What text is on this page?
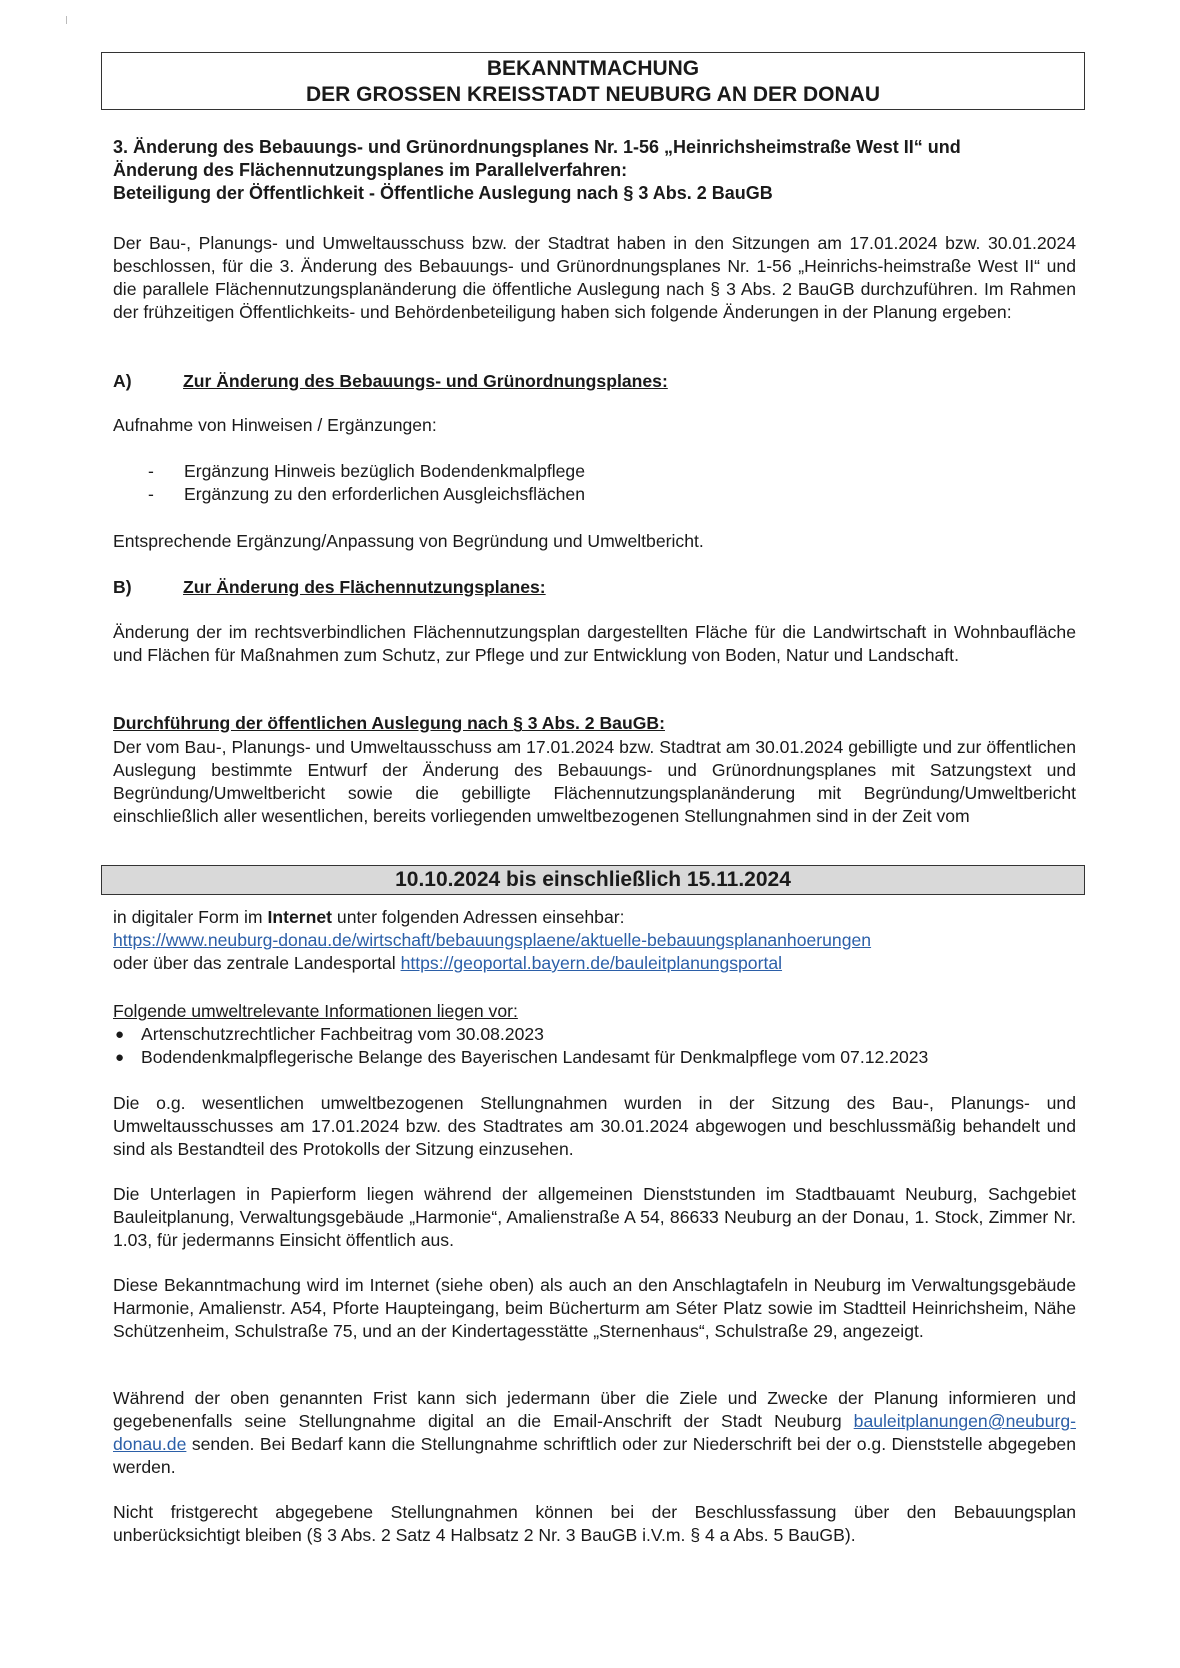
BEKANNTMACHUNG
DER GROSSEN KREISSTADT NEUBURG AN DER DONAU
3. Änderung des Bebauungs- und Grünordnungsplanes Nr. 1-56 „Heinrichsheimstraße West II“ und
Änderung des Flächennutzungsplanes im Parallelverfahren:
Beteiligung der Öffentlichkeit - Öffentliche Auslegung nach § 3 Abs. 2 BauGB
Der Bau-, Planungs- und Umweltausschuss bzw. der Stadtrat haben in den Sitzungen am 17.01.2024 bzw. 30.01.2024 beschlossen, für die 3. Änderung des Bebauungs- und Grünordnungsplanes Nr. 1-56 „Heinrichs-heimstraße West II“ und die parallele Flächennutzungsplanänderung die öffentliche Auslegung nach § 3 Abs. 2 BauGB durchzuführen. Im Rahmen der frühzeitigen Öffentlichkeits- und Behördenbeteiligung haben sich folgende Änderungen in der Planung ergeben:
A)	Zur Änderung des Bebauungs- und Grünordnungsplanes:
Aufnahme von Hinweisen / Ergänzungen:
- Ergänzung Hinweis bezüglich Bodendenkmalpflege
- Ergänzung zu den erforderlichen Ausgleichsflächen
Entsprechende Ergänzung/Anpassung von Begründung und Umweltbericht.
B)	Zur Änderung des Flächennutzungsplanes:
Änderung der im rechtsverbindlichen Flächennutzungsplan dargestellten Fläche für die Landwirtschaft in Wohnbaufläche und Flächen für Maßnahmen zum Schutz, zur Pflege und zur Entwicklung von Boden, Natur und Landschaft.
Durchführung der öffentlichen Auslegung nach § 3 Abs. 2 BauGB:
Der vom Bau-, Planungs- und Umweltausschuss am 17.01.2024 bzw. Stadtrat am 30.01.2024 gebilligte und zur öffentlichen Auslegung bestimmte Entwurf der Änderung des Bebauungs- und Grünordnungsplanes mit Satzungstext und Begründung/Umweltbericht sowie die gebilligte Flächennutzungsplanänderung mit Begründung/Umweltbericht einschließlich aller wesentlichen, bereits vorliegenden umweltbezogenen Stellungnahmen sind in der Zeit vom
10.10.2024 bis einschließlich 15.11.2024
in digitaler Form im Internet unter folgenden Adressen einsehbar:
https://www.neuburg-donau.de/wirtschaft/bebauungsplaene/aktuelle-bebauungsplananhoerungen
oder über das zentrale Landesportal https://geoportal.bayern.de/bauleitplanungsportal
Folgende umweltrelevante Informationen liegen vor:
● Artenschutzrechtlicher Fachbeitrag vom 30.08.2023
● Bodendenkmalpflegerische Belange des Bayerischen Landesamt für Denkmalpflege vom 07.12.2023
Die o.g. wesentlichen umweltbezogenen Stellungnahmen wurden in der Sitzung des Bau-, Planungs- und Umweltausschusses am 17.01.2024 bzw. des Stadtrates am 30.01.2024 abgewogen und beschlussmäßig behandelt und sind als Bestandteil des Protokolls der Sitzung einzusehen.
Die Unterlagen in Papierform liegen während der allgemeinen Dienststunden im Stadtbauamt Neuburg, Sachgebiet Bauleitplanung, Verwaltungsgebäude „Harmonie“, Amalienstraße A 54, 86633 Neuburg an der Donau, 1. Stock, Zimmer Nr. 1.03, für jedermanns Einsicht öffentlich aus.
Diese Bekanntmachung wird im Internet (siehe oben) als auch an den Anschlagtafeln in Neuburg im Verwaltungsgebäude Harmonie, Amalienstr. A54, Pforte Haupteingang, beim Bücherturm am Séter Platz sowie im Stadtteil Heinrichsheim, Nähe Schützenheim, Schulstraße 75, und an der Kindertagesstätte „Sternenhaus“, Schulstraße 29, angezeigt.
Während der oben genannten Frist kann sich jedermann über die Ziele und Zwecke der Planung informieren und gegebenenfalls seine Stellungnahme digital an die Email-Anschrift der Stadt Neuburg bauleitplanungen@neuburg-donau.de senden. Bei Bedarf kann die Stellungnahme schriftlich oder zur Niederschrift bei der o.g. Dienststelle abgegeben werden.
Nicht fristgerecht abgegebene Stellungnahmen können bei der Beschlussfassung über den Bebauungsplan unberücksichtigt bleiben (§ 3 Abs. 2 Satz 4 Halbsatz 2 Nr. 3 BauGB i.V.m. § 4 a Abs. 5 BauGB).
